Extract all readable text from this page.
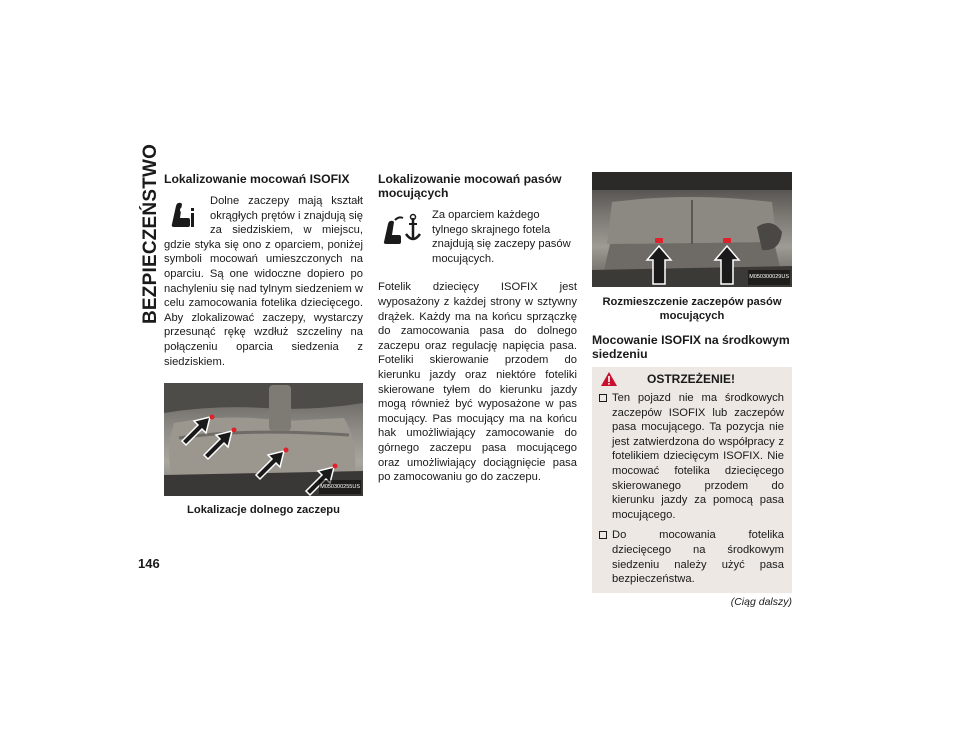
BEZPIECZEŃSTWO Lokalizowanie mocowań ISOFIX

Dolne zaczepy mają kształt okrągłych prętów i znajdują się za siedziskiem, w miejscu, gdzie styka się ono z oparciem, poniżej symboli mocowań umieszczonych na oparciu. Są one widoczne dopiero po nachyleniu się nad tylnym siedzeniem w celu zamocowania fotelika dziecięcego. Aby zlokalizować zaczepy, wystarczy przesunąć rękę wzdłuż szczeliny na połączeniu oparcia siedzenia z siedziskiem.

M050300255US
Lokalizacje dolnego zaczepu
Lokalizowanie mocowań pasów mocujących

Za oparciem każdego tylnego skrajnego fotela znajdują się zaczepy pasów mocujących.

Fotelik dziecięcy ISOFIX jest wyposażony z każdej strony w sztywny drążek. Każdy ma na końcu sprzączkę do zamocowania pasa do dolnego zaczepu oraz regulację napięcia pasa. Foteliki skierowanie przodem do kierunku jazdy oraz niektóre foteliki skierowane tyłem do kierunku jazdy mogą również być wyposażone w pas mocujący. Pas mocujący ma na końcu hak umożliwiający zamocowanie do górnego zaczepu pasa mocującego oraz umożliwiający dociągnięcie pasa po zamocowaniu go do zaczepu.

M050300029US
Rozmieszczenie zaczepów pasów mocujących
Mocowanie ISOFIX na środkowym siedzeniu
OSTRZEŻENIE!

Ten pojazd nie ma środkowych zaczepów ISOFIX lub zaczepów pasa mocującego. Ta pozycja nie jest zatwierdzona do współpracy z fotelikiem dziecięcym ISOFIX. Nie mocować fotelika dziecięcego skierowanego przodem do kierunku jazdy za pomocą pasa mocującego.

Do mocowania fotelika dziecięcego na środkowym siedzeniu należy użyć pasa bezpieczeństwa.

(Ciąg dalszy)
146
